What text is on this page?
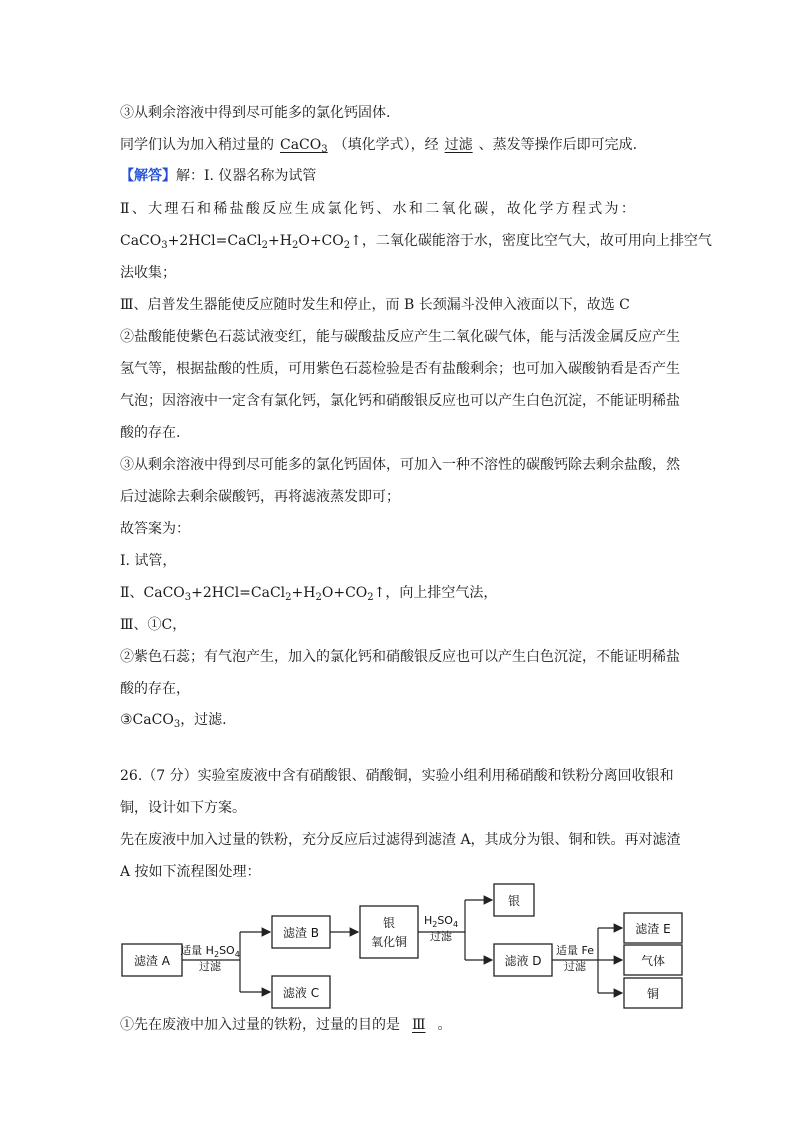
③从剩余溶液中得到尽可能多的氯化钙固体.
同学们认为加入稍过量的 CaCO$_3$ （填化学式），经 过滤 、蒸发等操作后即可完成.
【解答】解：Ⅰ. 仪器名称为试管
Ⅱ、大理石和稀盐酸反应生成氯化钙、水和二氧化碳，故化学方程式为：
$CaCO_3+2HCl=CaCl_2+H_2O+CO_2↑$，二氧化碳能溶于水，密度比空气大，故可用向上排空气
法收集；
Ⅲ、启普发生器能使反应随时发生和停止，而 B 长颈漏斗没伸入液面以下，故选 C
②盐酸能使紫色石蕊试液变红，能与碳酸盐反应产生二氧化碳气体，能与活泼金属反应产生
氢气等，根据盐酸的性质，可用紫色石蕊检验是否有盐酸剩余；也可加入碳酸钠看是否产生
气泡；因溶液中一定含有氯化钙，氯化钙和硝酸银反应也可以产生白色沉淀，不能证明稀盐
酸的存在.
③从剩余溶液中得到尽可能多的氯化钙固体，可加入一种不溶性的碳酸钙除去剩余盐酸，然
后过滤除去剩余碳酸钙，再将滤液蒸发即可；
故答案为：
Ⅰ. 试管，
Ⅱ、$CaCO_3+2HCl=CaCl_2+H_2O+CO_2↑$，向上排空气法，
Ⅲ、①C，
②紫色石蕊；有气泡产生，加入的氯化钙和硝酸银反应也可以产生白色沉淀，不能证明稀盐
酸的存在，
③CaCO$_3$，过滤.
26.（7 分）实验室废液中含有硝酸银、硝酸铜，实验小组利用稀硝酸和铁粉分离回收银和
铜，设计如下方案。
先在废液中加入过量的铁粉，充分反应后过滤得到滤渣 A，其成分为银、铜和铁。再对滤渣
A 按如下流程图处理：
滤渣 A
适量 $H_2SO_4$
过滤
滤渣 B
滤液 C
银
氧化铜
$H_2SO_4$
过滤
银
滤液 D
适量 Fe
过滤
滤渣 E
气体
铜
①先在废液中加入过量的铁粉，过量的目的是 Ⅲ 。
